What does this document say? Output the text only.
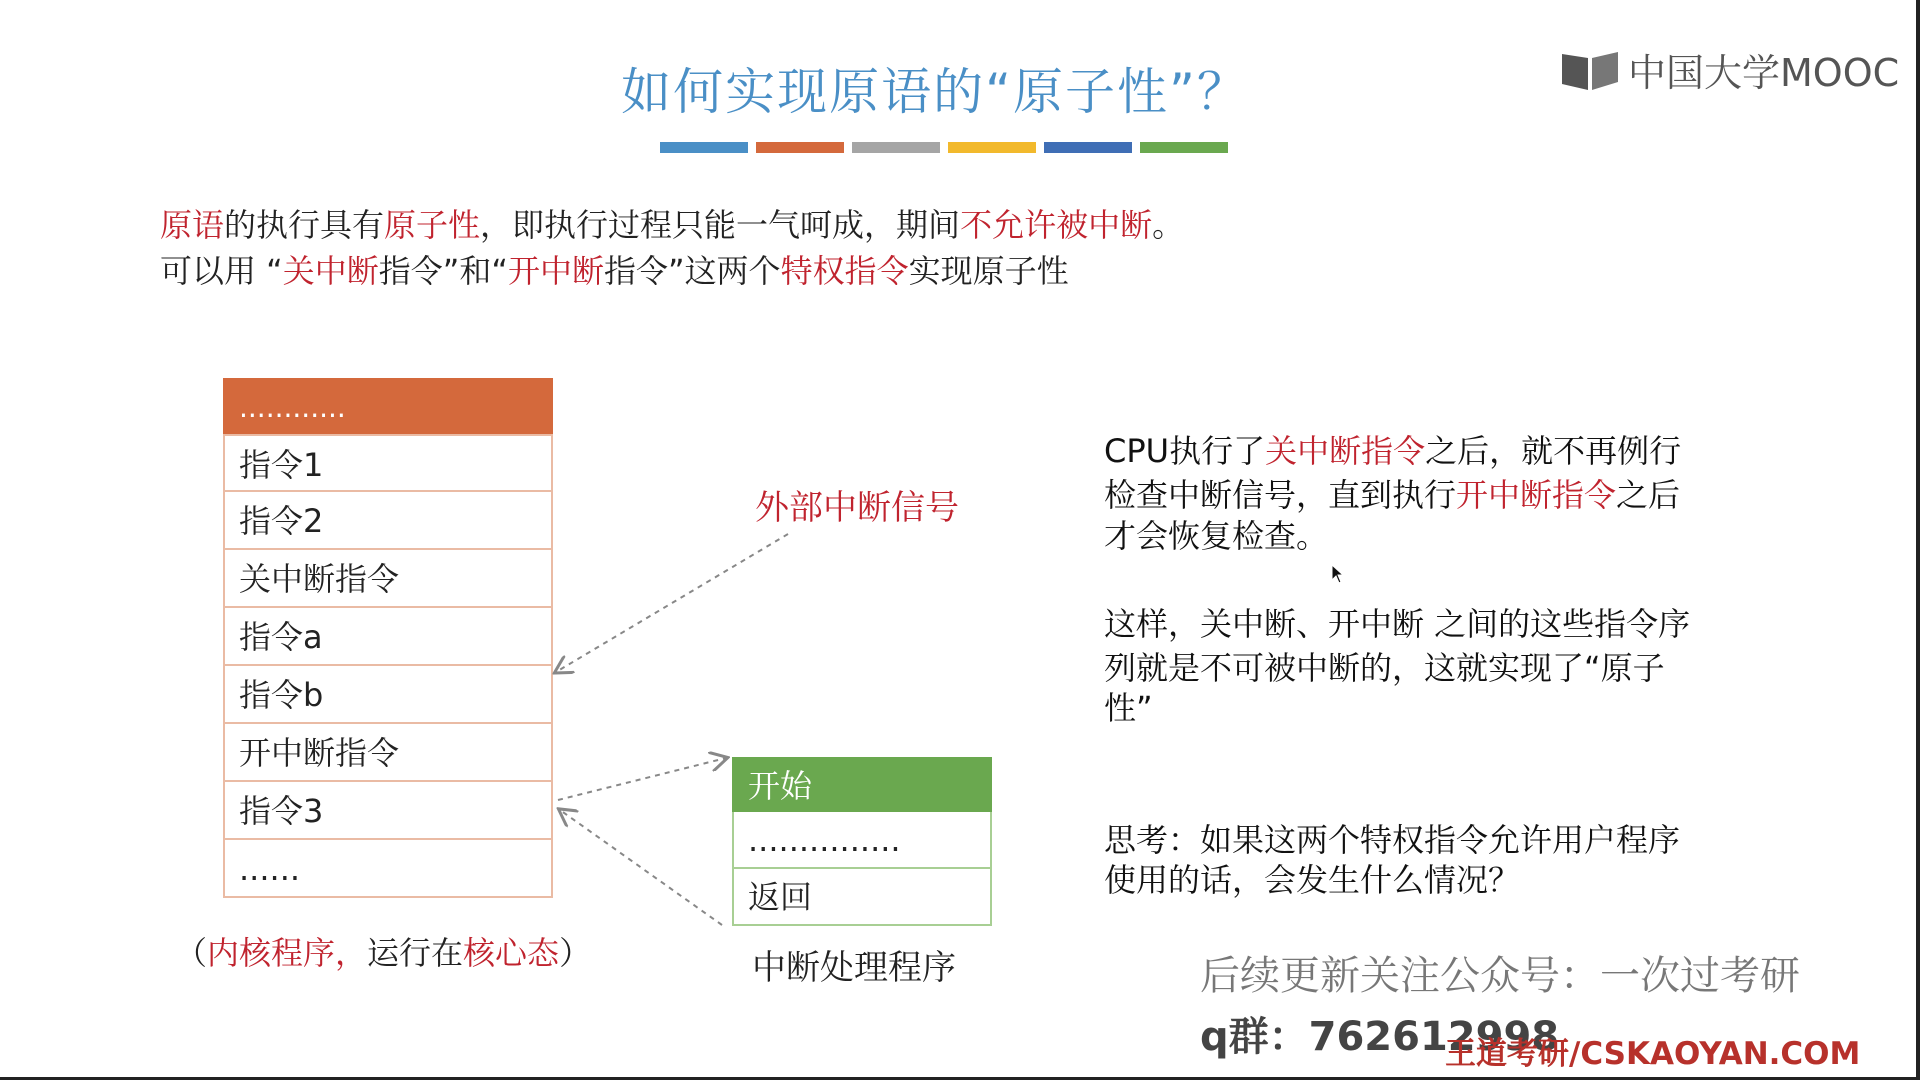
如何实现原语的“原子性”？	中国大学MOOC
原语的执行具有原子性，即执行过程只能一气呵成，期间不允许被中断。
可以用 “关中断指令”和“开中断指令”这两个特权指令实现原子性
............
指令1
指令2
关中断指令
指令a
指令b
开中断指令
指令3
......
（内核程序，运行在核心态）
外部中断信号
开始
...............
返回
中断处理程序
CPU执行了关中断指令之后，就不再例行
检查中断信号，直到执行开中断指令之后
才会恢复检查。
这样，关中断、开中断 之间的这些指令序
列就是不可被中断的，这就实现了“原子
性”
思考：如果这两个特权指令允许用户程序
使用的话，会发生什么情况？
后续更新关注公众号：一次过考研
q群：762612998
王道考研/CSKAOYAN.COM
